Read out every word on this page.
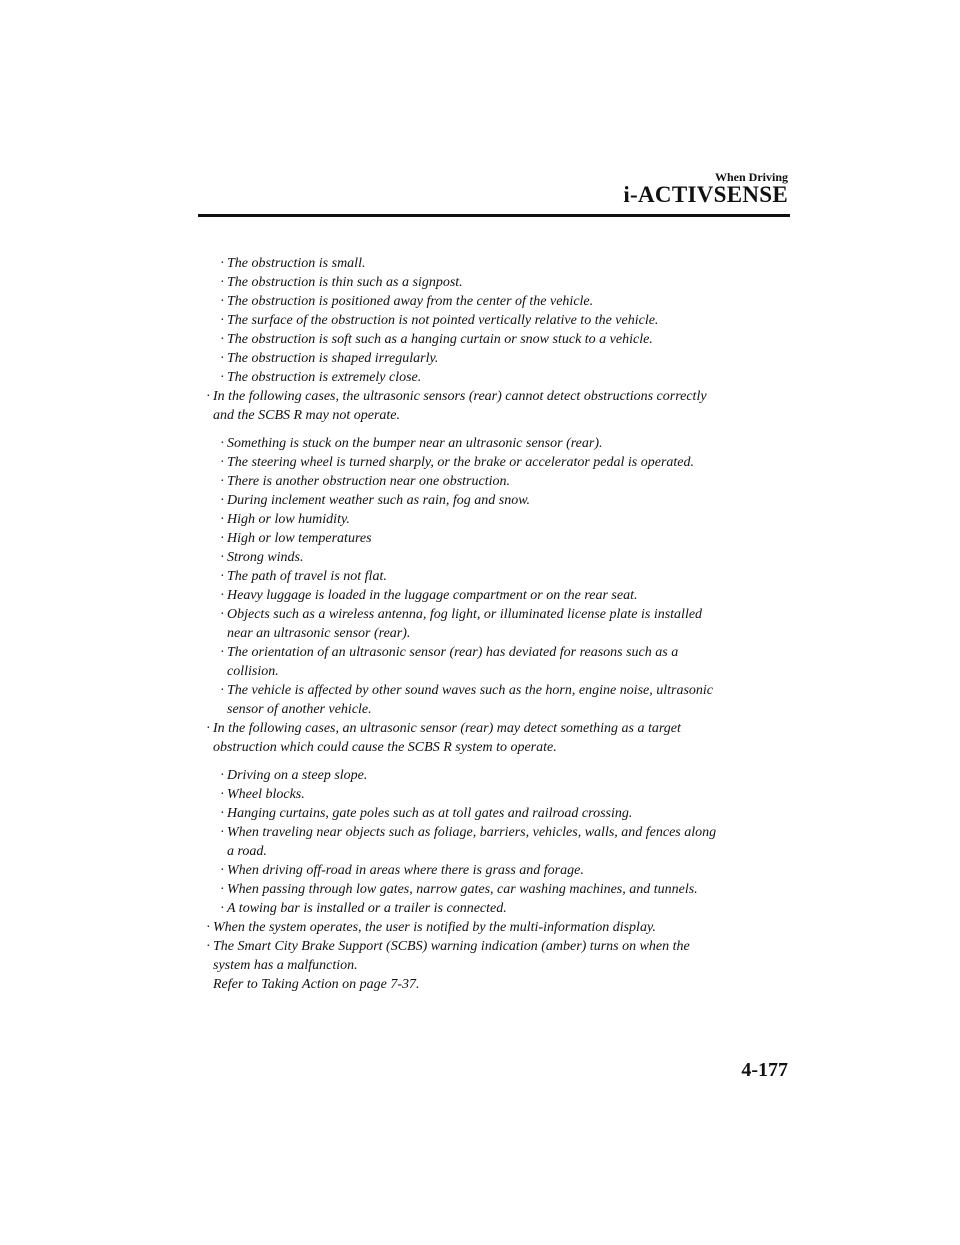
When Driving
i-ACTIVSENSE

· The obstruction is small.

· The obstruction is thin such as a signpost.

· The obstruction is positioned away from the center of the vehicle.

· The surface of the obstruction is not pointed vertically relative to the vehicle.

· The obstruction is soft such as a hanging curtain or snow stuck to a vehicle.

· The obstruction is shaped irregularly.

· The obstruction is extremely close.

· In the following cases, the ultrasonic sensors (rear) cannot detect obstructions correctly

and the SCBS R may not operate.

· Something is stuck on the bumper near an ultrasonic sensor (rear).

· The steering wheel is turned sharply, or the brake or accelerator pedal is operated.

· There is another obstruction near one obstruction.

· During inclement weather such as rain, fog and snow.

· High or low humidity.

· High or low temperatures

· Strong winds.

· The path of travel is not flat.

· Heavy luggage is loaded in the luggage compartment or on the rear seat.

· Objects such as a wireless antenna, fog light, or illuminated license plate is installed

near an ultrasonic sensor (rear).

· The orientation of an ultrasonic sensor (rear) has deviated for reasons such as a

collision.

· The vehicle is affected by other sound waves such as the horn, engine noise, ultrasonic

sensor of another vehicle.

· In the following cases, an ultrasonic sensor (rear) may detect something as a target

obstruction which could cause the SCBS R system to operate.

· Driving on a steep slope.

· Wheel blocks.

· Hanging curtains, gate poles such as at toll gates and railroad crossing.

· When traveling near objects such as foliage, barriers, vehicles, walls, and fences along

a road.

· When driving off-road in areas where there is grass and forage.

· When passing through low gates, narrow gates, car washing machines, and tunnels.

· A towing bar is installed or a trailer is connected.

· When the system operates, the user is notified by the multi-information display.

· The Smart City Brake Support (SCBS) warning indication (amber) turns on when the

system has a malfunction.

Refer to Taking Action on page 7-37.

4-177
